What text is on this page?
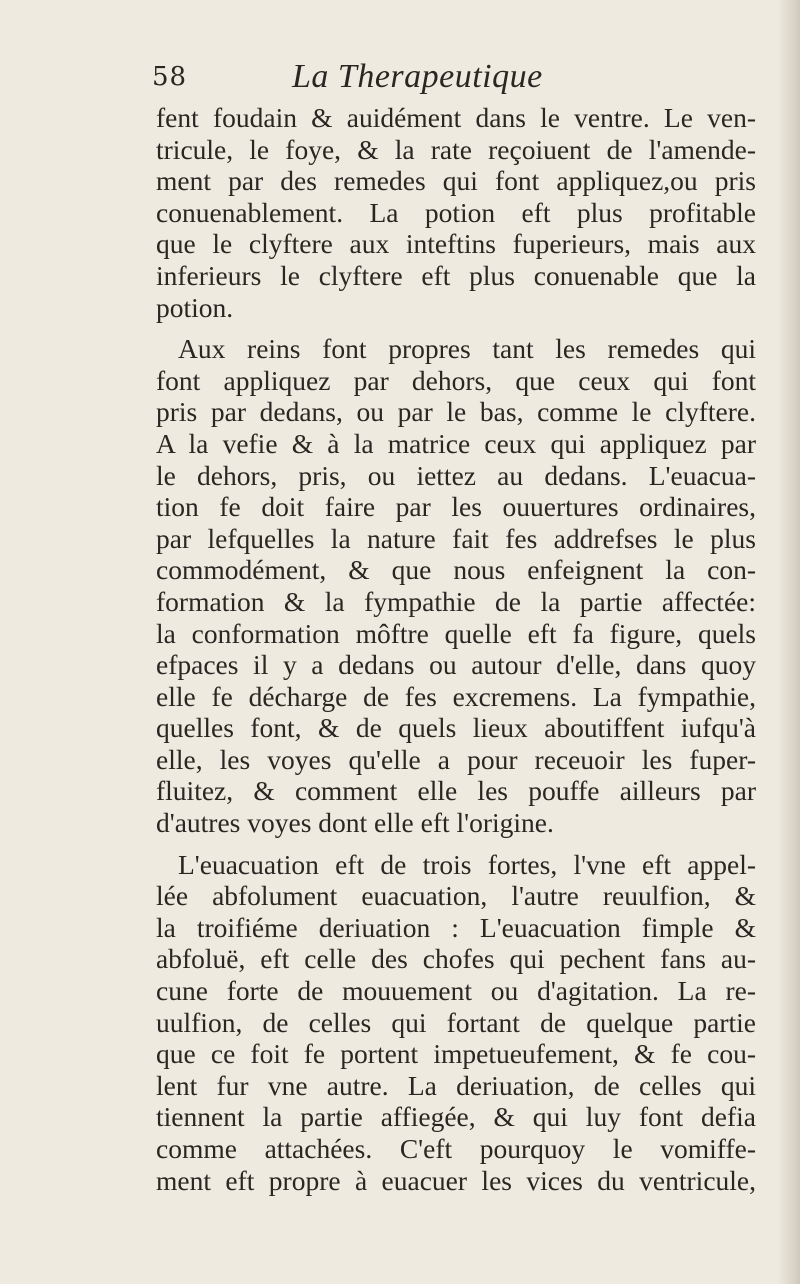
58	La Therapeutique
fent foudain & auidément dans le ventre. Le ven-
tricule, le foye, & la rate reçoiuent de l'amende-
ment par des remedes qui font appliquez,ou pris
conuenablement. La potion eft plus profitable
que le clyftere aux inteftins fuperieurs, mais aux
inferieurs le clyftere eft plus conuenable que la
potion.
Aux reins font propres tant les remedes qui
font appliquez par dehors, que ceux qui font
pris par dedans, ou par le bas, comme le clyftere.
A la vefie & à la matrice ceux qui appliquez par
le dehors, pris, ou iettez au dedans. L'euacua-
tion fe doit faire par les ouuertures ordinaires,
par lefquelles la nature fait fes addrefses le plus
commodément, & que nous enfeignent la con-
formation & la fympathie de la partie affectée:
la conformation môftre quelle eft fa figure, quels
efpaces il y a dedans ou autour d'elle, dans quoy
elle fe décharge de fes excremens. La fympathie,
quelles font, & de quels lieux aboutiffent iufqu'à
elle, les voyes qu'elle a pour receuoir les fuper-
fluitez, & comment elle les pouffe ailleurs par
d'autres voyes dont elle eft l'origine.
L'euacuation eft de trois fortes, l'vne eft appel-
lée abfolument euacuation, l'autre reuulfion, &
la troifiéme deriuation : L'euacuation fimple &
abfoluë, eft celle des chofes qui pechent fans au-
cune forte de mouuement ou d'agitation. La re-
uulfion, de celles qui fortant de quelque partie
que ce foit fe portent impetueufement, & fe cou-
lent fur vne autre. La deriuation, de celles qui
tiennent la partie affiegée, & qui luy font defia
comme attachées. C'eft pourquoy le vomiffe-
ment eft propre à euacuer les vices du ventricule,
